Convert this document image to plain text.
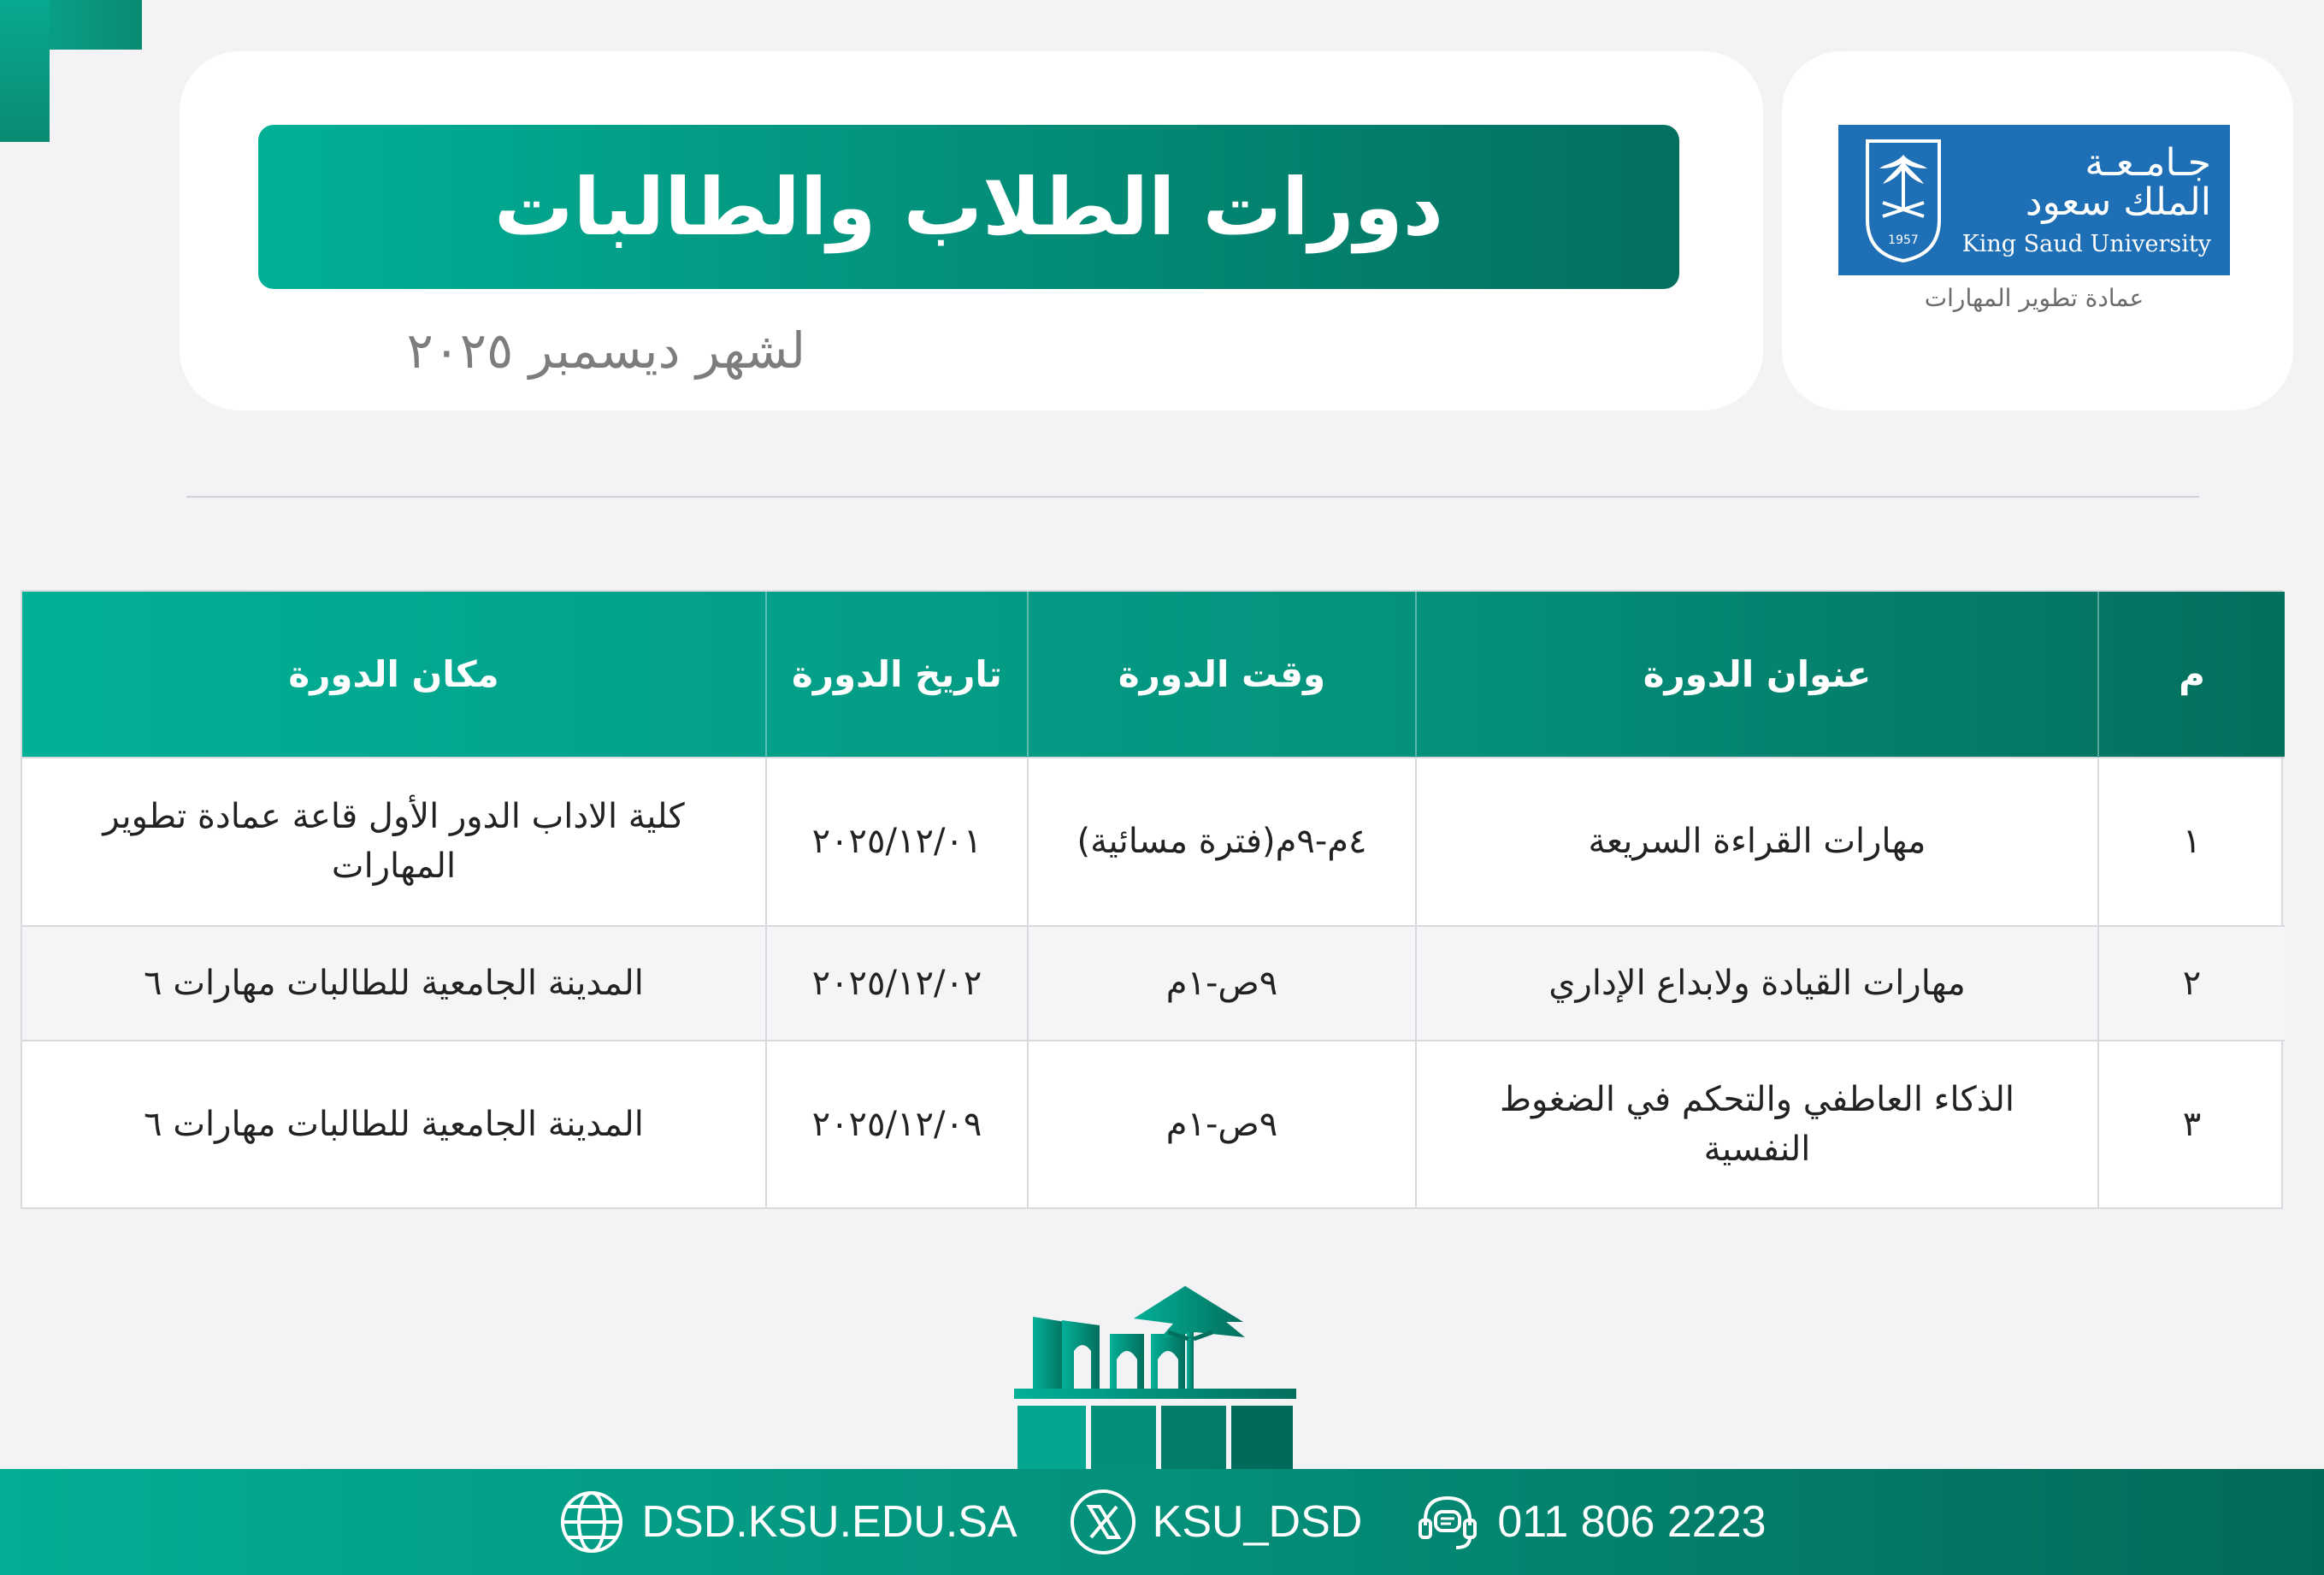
دورات الطلاب والطالبات
لشهر ديسمبر ٢٠٢٥
1957
جـامـعـة
الملك سعود
King Saud University
عمادة تطوير المهارات
م	عنوان الدورة	وقت الدورة	تاريخ الدورة	مكان الدورة
١	مهارات القراءة السريعة	٤م-٩م(فترة مسائية)	٢٠٢٥/١٢/٠١	كلية الاداب الدور الأول قاعة عمادة تطوير المهارات
٢	مهارات القيادة ولابداع الإداري	٩ص-١م	٢٠٢٥/١٢/٠٢	المدينة الجامعية للطالبات مهارات ٦
٣	الذكاء العاطفي والتحكم في الضغوط النفسية	٩ص-١م	٢٠٢٥/١٢/٠٩	المدينة الجامعية للطالبات مهارات ٦
DSD.KSU.EDU.SA	KSU_DSD	011 806 2223
